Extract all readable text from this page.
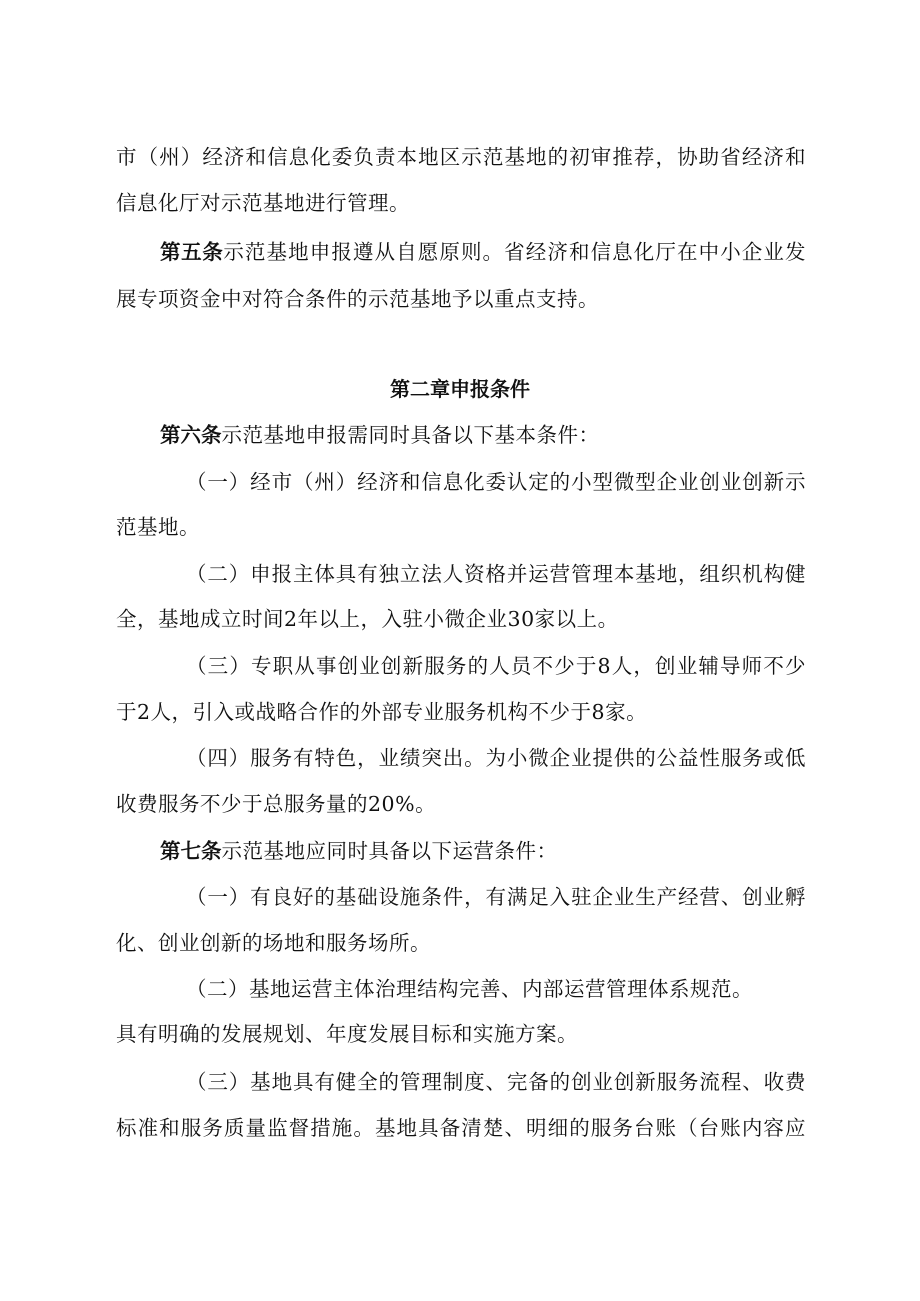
市（州）经济和信息化委负责本地区示范基地的初审推荐，协助省经济和
信息化厅对示范基地进行管理。
第五条示范基地申报遵从自愿原则。省经济和信息化厅在中小企业发
展专项资金中对符合条件的示范基地予以重点支持。
第二章申报条件
第六条示范基地申报需同时具备以下基本条件：
（一）经市（州）经济和信息化委认定的小型微型企业创业创新示
范基地。
（二）申报主体具有独立法人资格并运营管理本基地，组织机构健
全，基地成立时间2年以上，入驻小微企业30家以上。
（三）专职从事创业创新服务的人员不少于8人，创业辅导师不少
于2人，引入或战略合作的外部专业服务机构不少于8家。
（四）服务有特色，业绩突出。为小微企业提供的公益性服务或低
收费服务不少于总服务量的20%。
第七条示范基地应同时具备以下运营条件：
（一）有良好的基础设施条件，有满足入驻企业生产经营、创业孵
化、创业创新的场地和服务场所。
（二）基地运营主体治理结构完善、内部运营管理体系规范。
具有明确的发展规划、年度发展目标和实施方案。
（三）基地具有健全的管理制度、完备的创业创新服务流程、收费
标准和服务质量监督措施。基地具备清楚、明细的服务台账（台账内容应
